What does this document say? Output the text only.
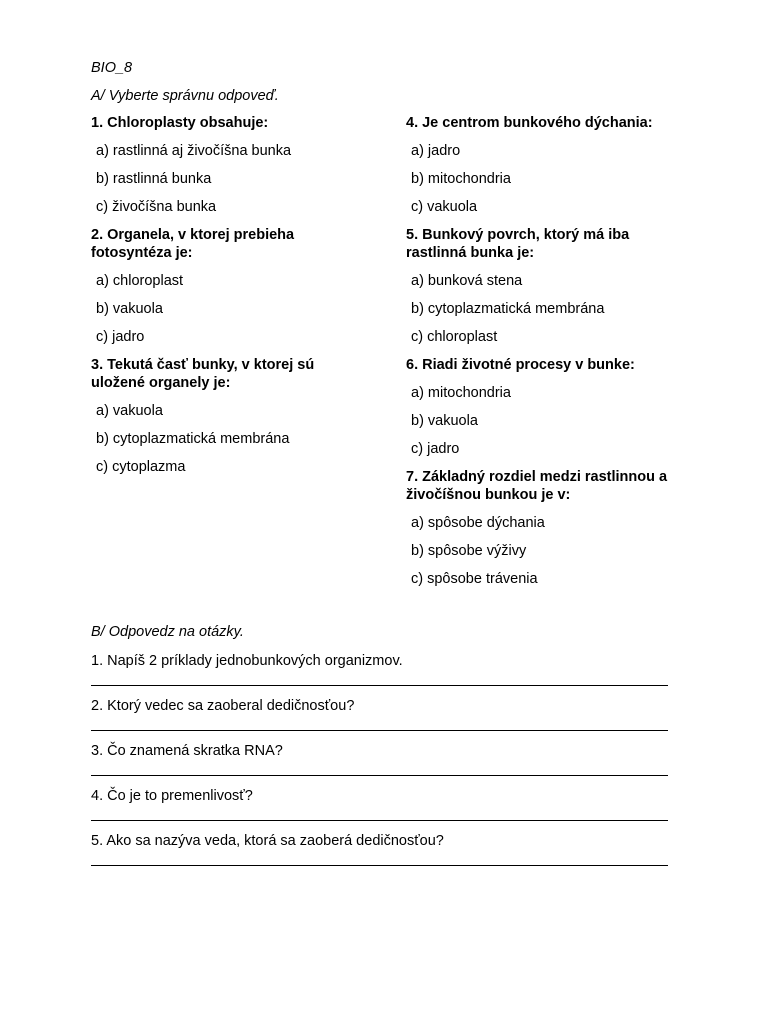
BIO_8
A/ Vyberte správnu odpoveď.
1. Chloroplasty obsahuje:
a) rastlinná aj živočíšna bunka
b) rastlinná bunka
c) živočíšna bunka
2. Organela, v ktorej prebieha fotosyntéza je:
a) chloroplast
b) vakuola
c) jadro
3. Tekutá časť bunky, v ktorej sú uložené organely je:
a) vakuola
b) cytoplazmatická membrána
c) cytoplazma
4. Je centrom bunkového dýchania:
a) jadro
b) mitochondria
c) vakuola
5. Bunkový povrch, ktorý má iba rastlinná bunka je:
a) bunková stena
b) cytoplazmatická membrána
c) chloroplast
6. Riadi životné procesy v bunke:
a) mitochondria
b) vakuola
c) jadro
7. Základný rozdiel medzi rastlinnou a živočíšnou bunkou je v:
a) spôsobe dýchania
b) spôsobe výživy
c) spôsobe trávenia
B/ Odpovedz na otázky.
1. Napíš 2 príklady jednobunkových organizmov.
2. Ktorý vedec sa zaoberal dedičnosťou?
3. Čo znamená skratka RNA?
4. Čo je to premenlivosť?
5. Ako sa nazýva veda, ktorá sa zaoberá dedičnosťou?
